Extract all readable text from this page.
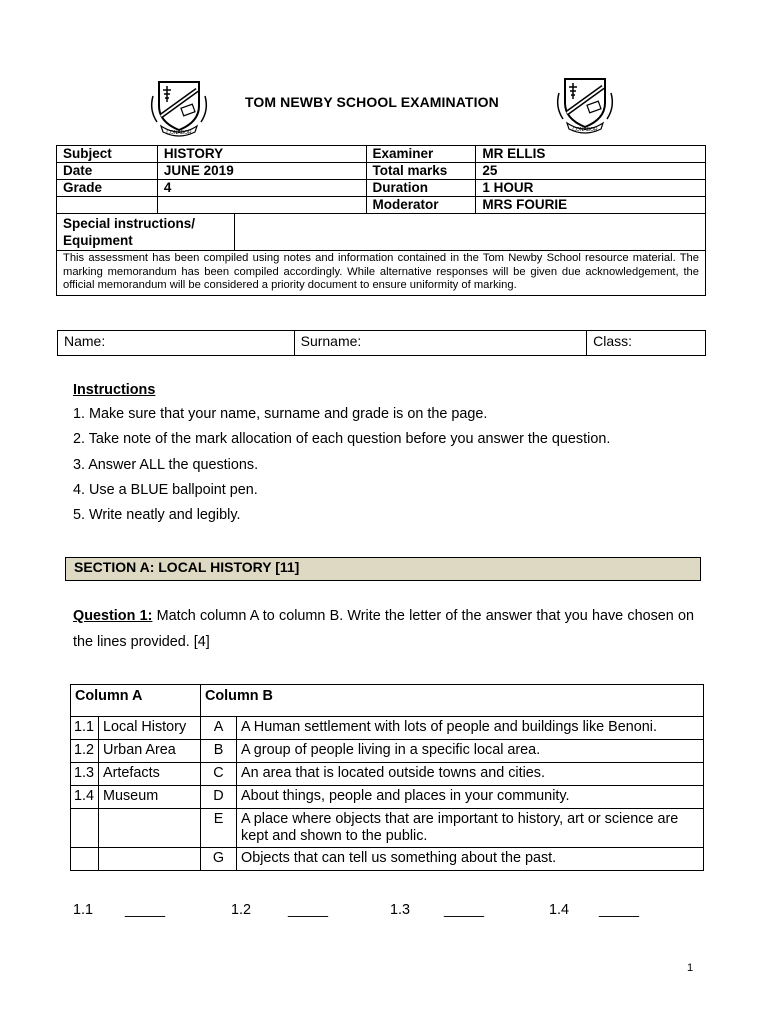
CONABOR
TOM NEWBY SCHOOL EXAMINATION
CONABOR
Subject	HISTORY		Examiner	MR ELLIS
Date	JUNE 2019		Total marks	25
Grade	4		Duration	1 HOUR
			Moderator	MRS FOURIE

Special instructions/
Equipment				

This assessment has been compiled using notes and information contained in the Tom Newby School resource material. The marking memorandum has been compiled accordingly. While alternative responses will be given due acknowledgement, the official memorandum will be considered a priority document to ensure uniformity of marking.				
Name:	Surname:	Class:
Instructions
1. Make sure that your name, surname and grade is on the page.
2. Take note of the mark allocation of each question before you answer the question.
3. Answer ALL the questions.
4. Use a BLUE ballpoint pen.
5. Write neatly and legibly.
SECTION A: LOCAL HISTORY [11]
Question 1: Match column A to column B. Write the letter of the answer that you have chosen on the lines provided. [4]
Column A		Column B	
1.1	Local History	A	A Human settlement with lots of people and buildings like Benoni.
1.2	Urban Area	B	A group of people living in a specific local area.
1.3	Artefacts	C	An area that is located outside towns and cities.
1.4	Museum	D	About things, people and places in your community.
		E	A place where objects that are important to history, art or science are kept and shown to the public.
		G	Objects that can tell us something about the past.
1.1 _____	1.2	_____	1.3 _____	1.4 _____
1
